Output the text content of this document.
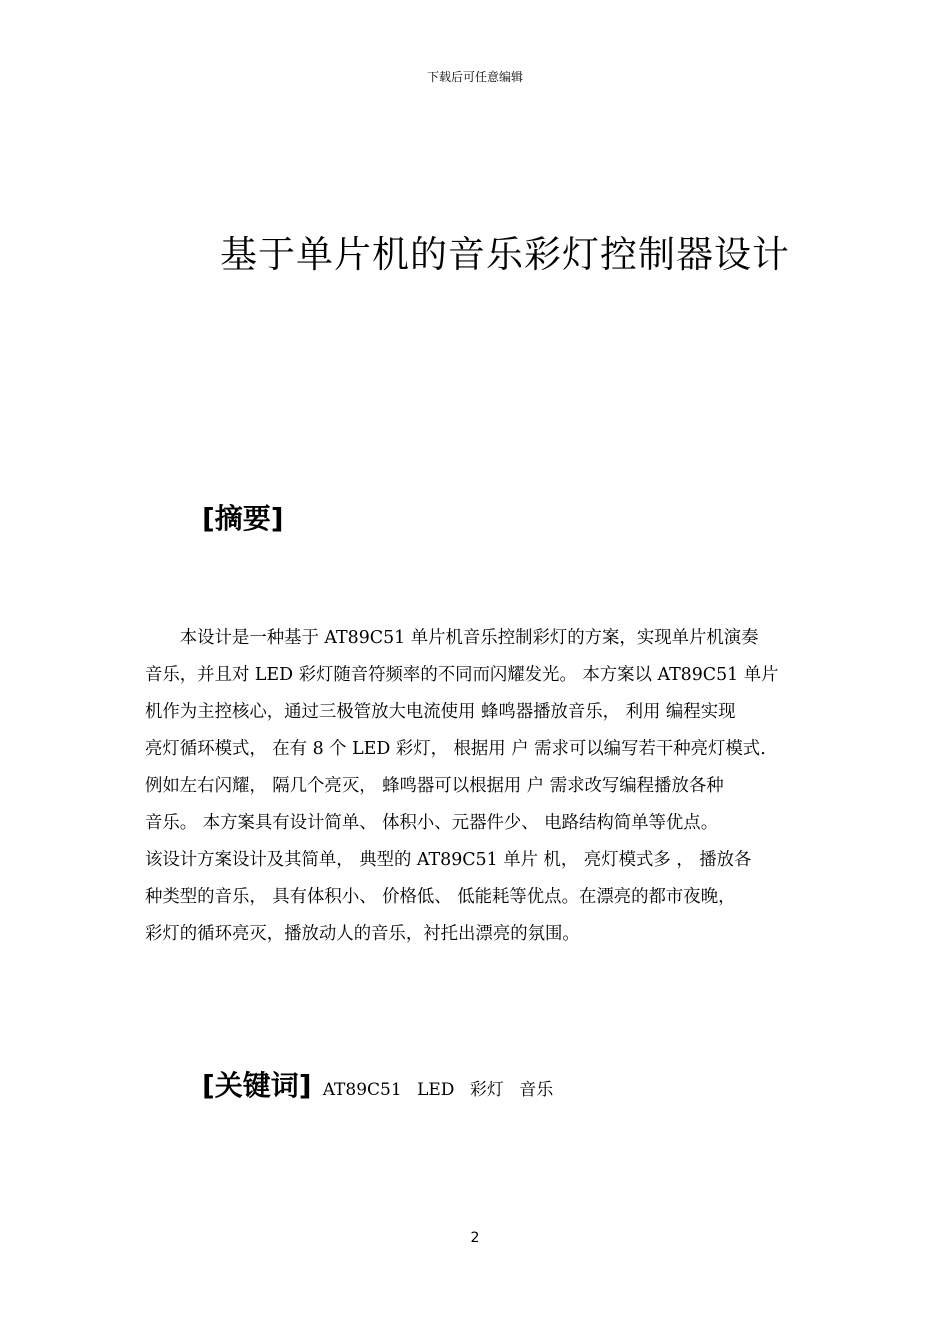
下载后可任意编辑
基于单片机的音乐彩灯控制器设计
[摘要]
　　本设计是一种基于 AT89C51 单片机音乐控制彩灯的方案，实现单片机演奏
音乐，并且对 LED 彩灯随音符频率的不同而闪耀发光。 本方案以 AT89C51 单片
机作为主控核心，通过三极管放大电流使用 蜂鸣器播放音乐， 利用 编程实现
亮灯循环模式， 在有 8 个 LED 彩灯， 根据用 户 需求可以编写若干种亮灯模式.
例如左右闪耀， 隔几个亮灭， 蜂鸣器可以根据用 户 需求改写编程播放各种
音乐。 本方案具有设计简单、 体积小、元器件少、 电路结构简单等优点。
该设计方案设计及其简单， 典型的 AT89C51 单片 机， 亮灯模式多 ， 播放各
种类型的音乐， 具有体积小、 价格低、 低能耗等优点。在漂亮的都市夜晚，
彩灯的循环亮灭，播放动人的音乐，衬托出漂亮的氛围。
[关键词] AT89C51 LED 彩灯 音乐
2
